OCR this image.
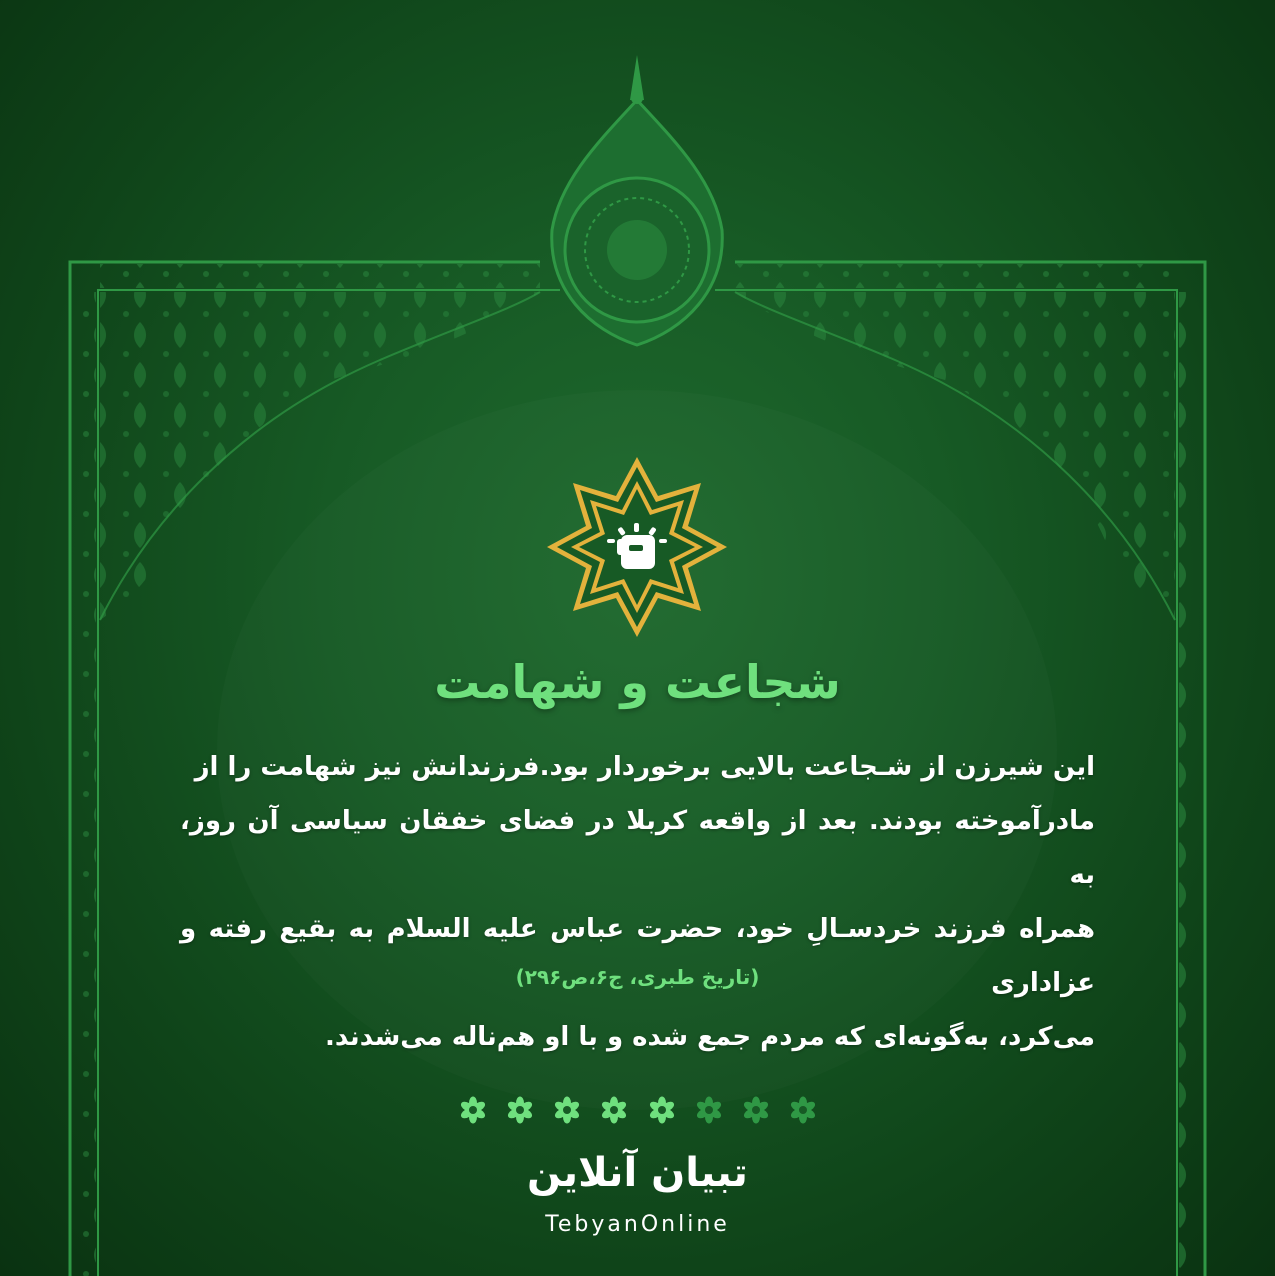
شجاعت و شهامت
این شیرزن از شـجاعت بالایی برخوردار بود.فرزندانش نیز شهامت را از
مادرآموخته بودند. بعد از واقعه کربلا در فضای خفقان سیاسی آن روز، به
همراه فرزند خردسـالِ خود، حضرت عباس عليه السلام به بقیع رفته و عزاداری
می‌کرد، به‌گونه‌ای که مردم جمع شده و با او هم‌ناله می‌شدند.
(تاریخ طبری، ج۶،ص۲۹۶)
تبیان آنلاین
TebyanOnline
